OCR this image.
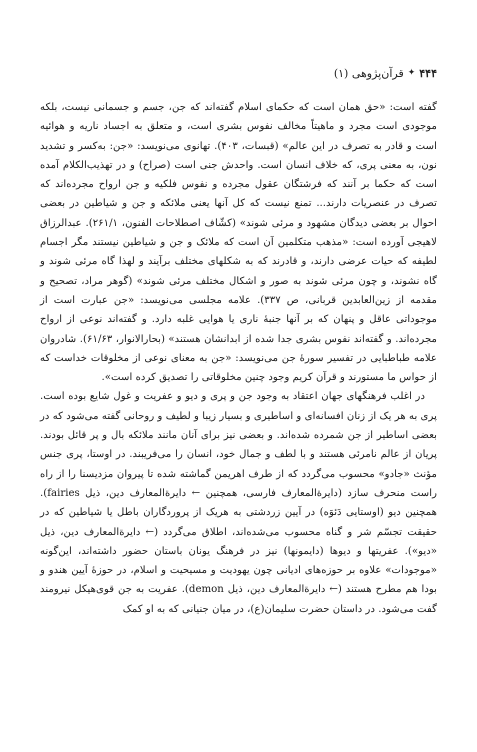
۴۴۴
✦
قرآن‌پژوهی (۱)

گفته است: «حق همان است که حکمای اسلام گفته‌اند که جن، جسم و جسمانی نیست، بلکه موجودی است مجرد و ماهیتاً مخالف نفوس بشری است، و متعلق به اجساد ناریه و هوائیه است و قادر به تصرف در این عالم» (قبسات، ۴۰۳). تهانوی می‌نویسد: «جن: به‌کسر و تشدید نون، به معنی پری، که خلاف انسان است. واحدش جنی است (صراح) و در تهذیب‌الکلام آمده است که حکما بر آنند که فرشتگان عقول مجرده و نفوس فلکیه و جن ارواح مجرده‌اند که تصرف در عنصریات دارند... تمنع نیست که کل آنها یعنی ملائکه و جن و شیاطین در بعضی احوال بر بعضی دیدگان مشهود و مرئی شوند» (کشّاف اصطلاحات الفنون، ۲۶۱/۱). عبدالرزاق لاهیجی آورده است: «مذهب متکلمین آن است که ملائک و جن و شیاطین نیستند مگر اجسام لطیفه که حیات عرضی دارند، و قادرند که به شکلهای مختلف برآیند و لهذا گاه مرئی شوند و گاه نشوند، و چون مرئی شوند به صور و اشکال مختلف مرئی شوند» (گوهر مراد، تصحیح و مقدمه از زین‌العابدین قربانی، ص ۳۳۷). علامه مجلسی می‌نویسد: «جن عبارت است از موجوداتی عاقل و پنهان که بر آنها جنبهٔ ناری یا هوایی غلبه دارد. و گفته‌اند نوعی از ارواح مجرده‌اند. و گفته‌اند نفوس بشری جدا شده از ابدانشان هستند» (بحارالانوار، ۶۱/۶۳). شادروان علامه طباطبایی در تفسیر سورهٔ جن می‌نویسد: «جن به معنای نوعی از مخلوقات خداست که از حواس ما مستورند و قرآن کریم وجود چنین مخلوقاتی را تصدیق کرده است».

در اغلب فرهنگهای جهان اعتقاد به وجود جن و پری و دیو و عفریت و غول شایع بوده است. پری به هر یک از زنان افسانه‌ای و اساطیری و بسیار زیبا و لطیف و روحانی گفته می‌شود که در بعضی اساطیر از جن شمرده شده‌اند. و بعضی نیز برای آنان مانند ملائکه بال و پر قائل بودند. پریان از عالم نامرئی هستند و با لطف و جمال خود، انسان را می‌فریبند. در اوستا، پری جنس مؤنث «جادو» محسوب می‌گردد که از طرف اهریمن گماشته شده تا پیروان مزدیسنا را از راه راست منحرف سازد (دایرةالمعارف فارسی، همچنین ← دایرةالمعارف دین، ذیل fairies). همچنین دیو (اوستایی دَئوَه) در آیین زردشتی به هریک از پروردگاران باطل یا شیاطین که در حقیقت تجسّم شر و گناه محسوب می‌شده‌اند، اطلاق می‌گردد (← دایرةالمعارف دین، ذیل «دیو»). عفریتها و دیوها (دایمونها) نیز در فرهنگ یونان باستان حضور داشته‌اند، این‌گونه «موجودات» علاوه بر حوزه‌های ادیانی چون یهودیت و مسیحیت و اسلام، در حوزهٔ آیین هندو و بودا هم مطرح هستند (← دایرةالمعارف دین، ذیل demon). عفریت به جن قوی‌هیکل نیرومند گفت می‌شود. در داستان حضرت سلیمان(ع)، در میان جنیانی که به او کمک
